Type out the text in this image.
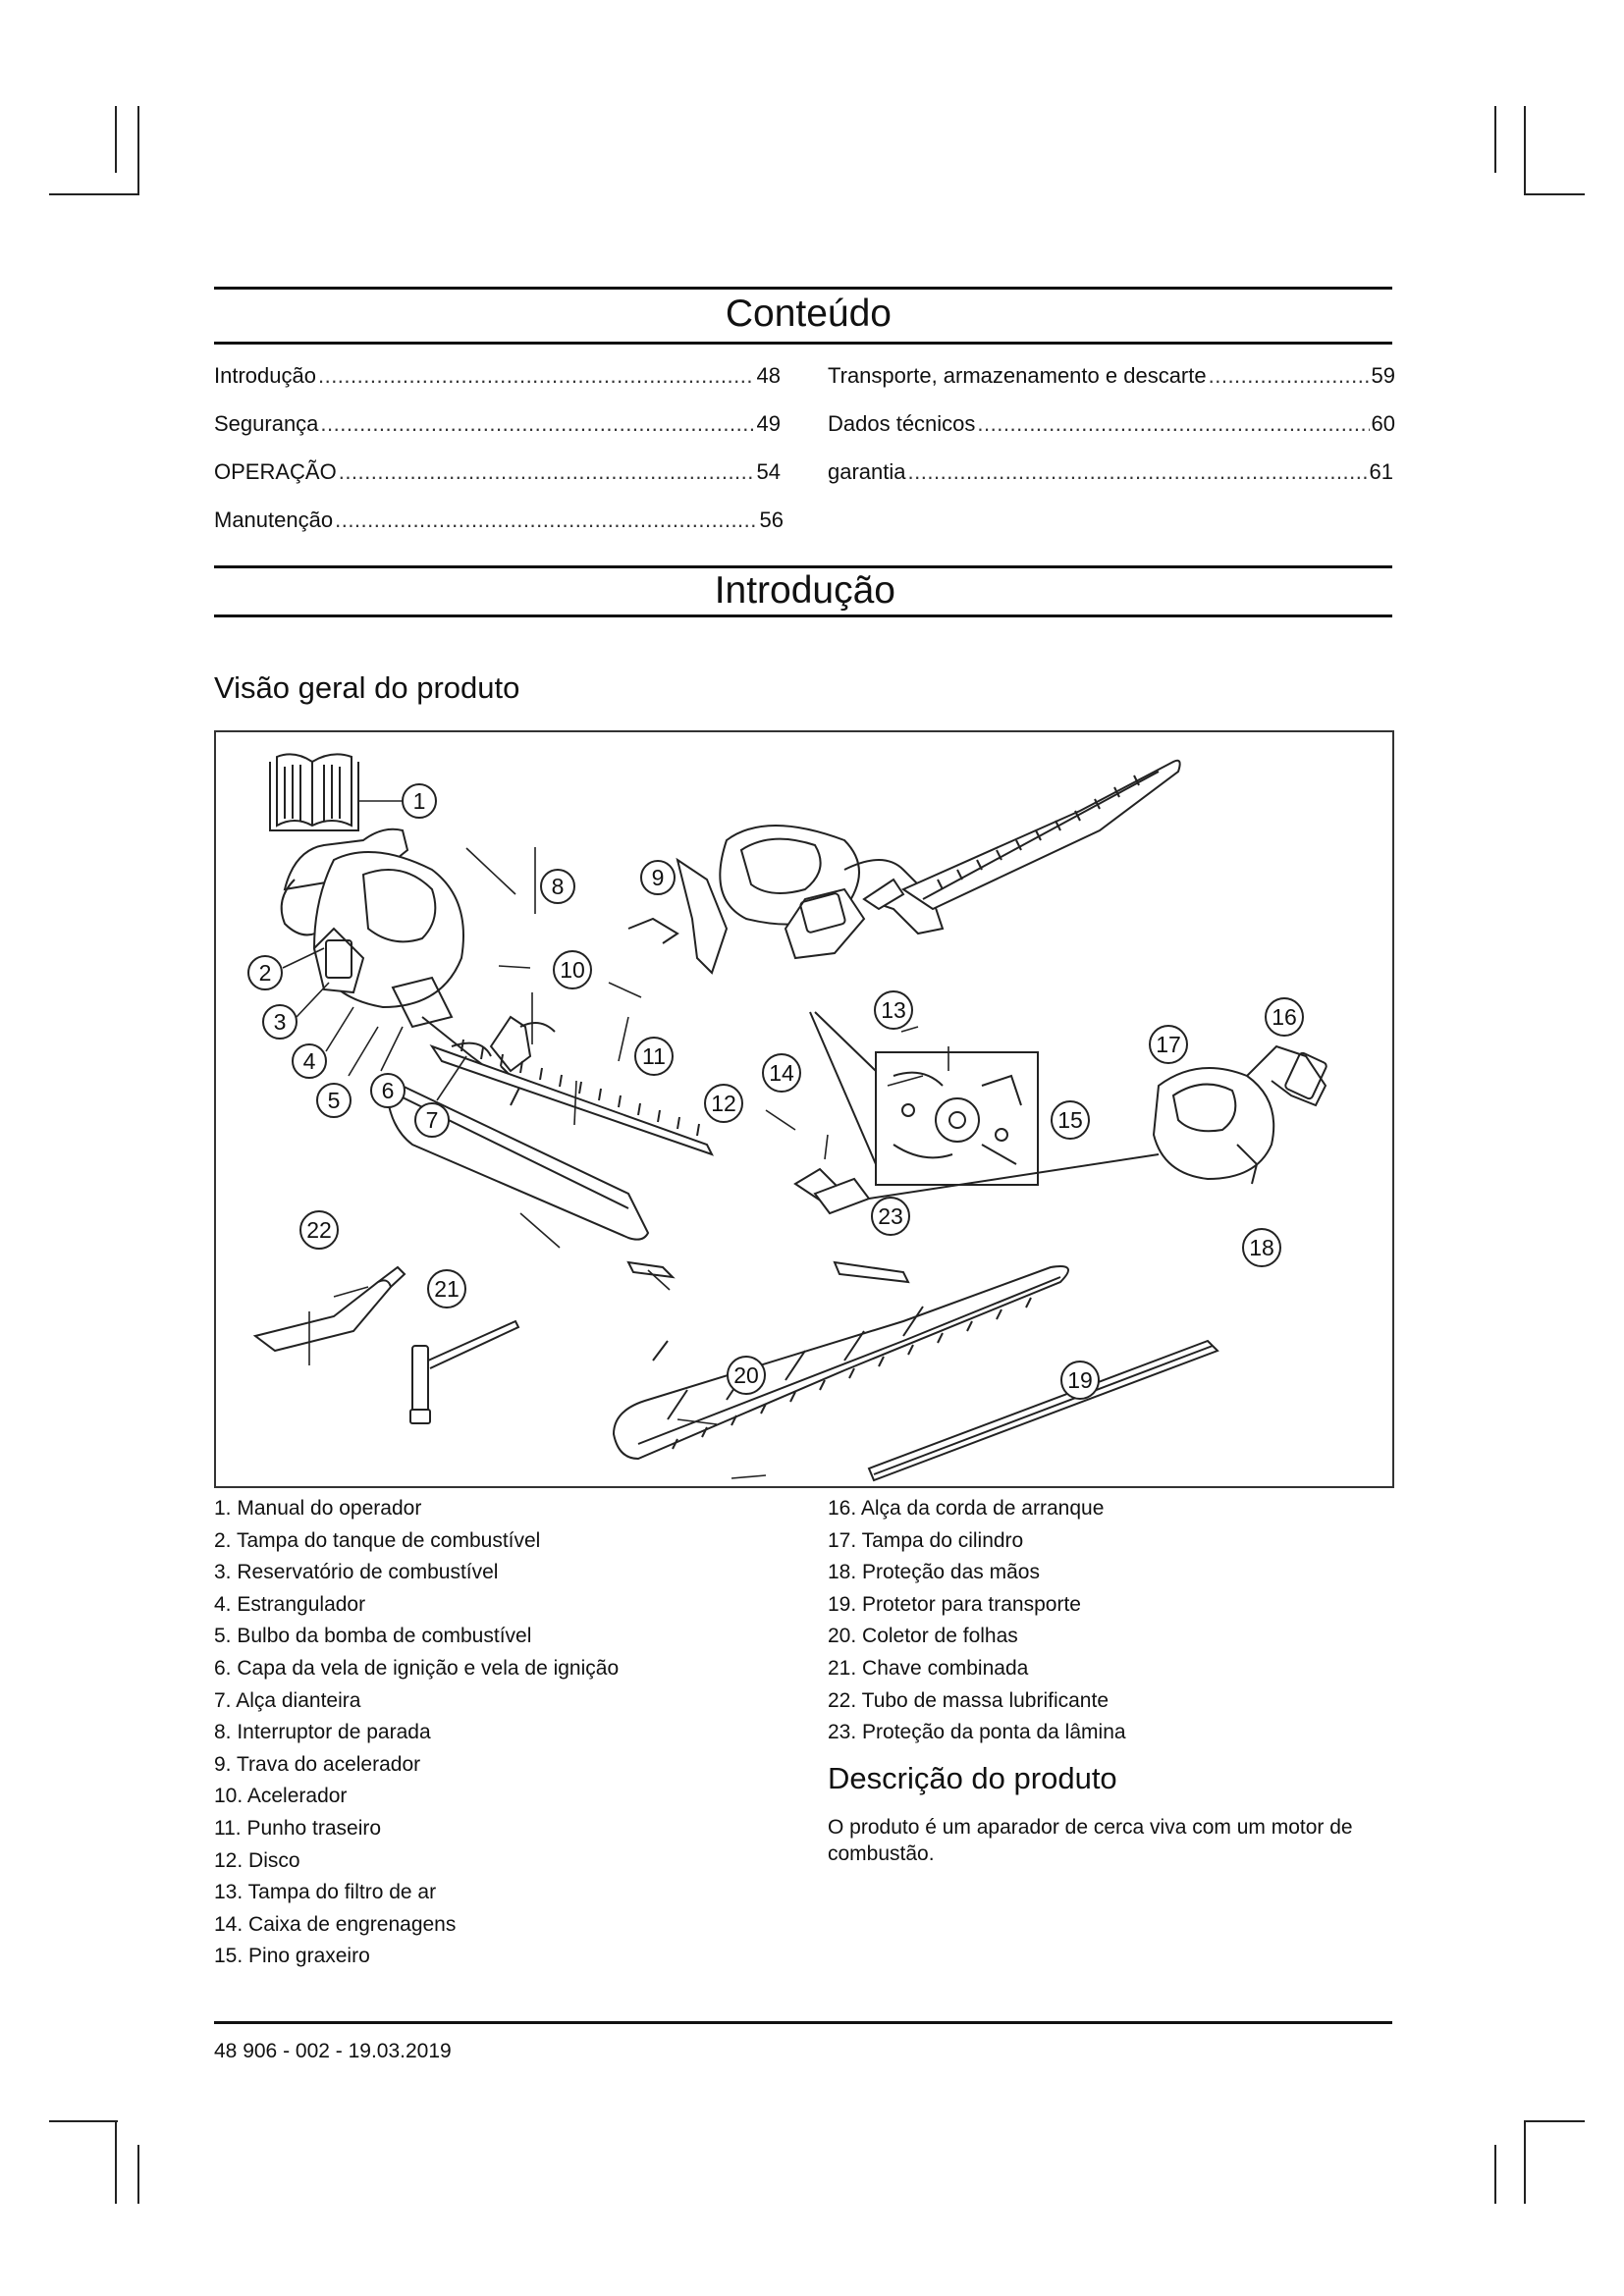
Conteúdo
Introdução .....	48
Segurança .....	49
OPERAÇÃO .....	54
Manutenção .....	56
Transporte, armazenamento e descarte .....	59
Dados técnicos .....	60
garantia .....	61
Introdução
Visão geral do produto
1
2
3
4
5 6
7
8	9
10
11
12
13
14
15
16
17
18
19
20
21
22
23
1. Manual do operador
2. Tampa do tanque de combustível
3. Reservatório de combustível
4. Estrangulador
5. Bulbo da bomba de combustível
6. Capa da vela de ignição e vela de ignição
7. Alça dianteira
8. Interruptor de parada
9. Trava do acelerador
10. Acelerador
11. Punho traseiro
12. Disco
13. Tampa do filtro de ar
14. Caixa de engrenagens
15. Pino graxeiro
16. Alça da corda de arranque
17. Tampa do cilindro
18. Proteção das mãos
19. Protetor para transporte
20. Coletor de folhas
21. Chave combinada
22. Tubo de massa lubrificante
23. Proteção da ponta da lâmina
Descrição do produto
O produto é um aparador de cerca viva com um motor de combustão.
48 906 - 002 - 19.03.2019
